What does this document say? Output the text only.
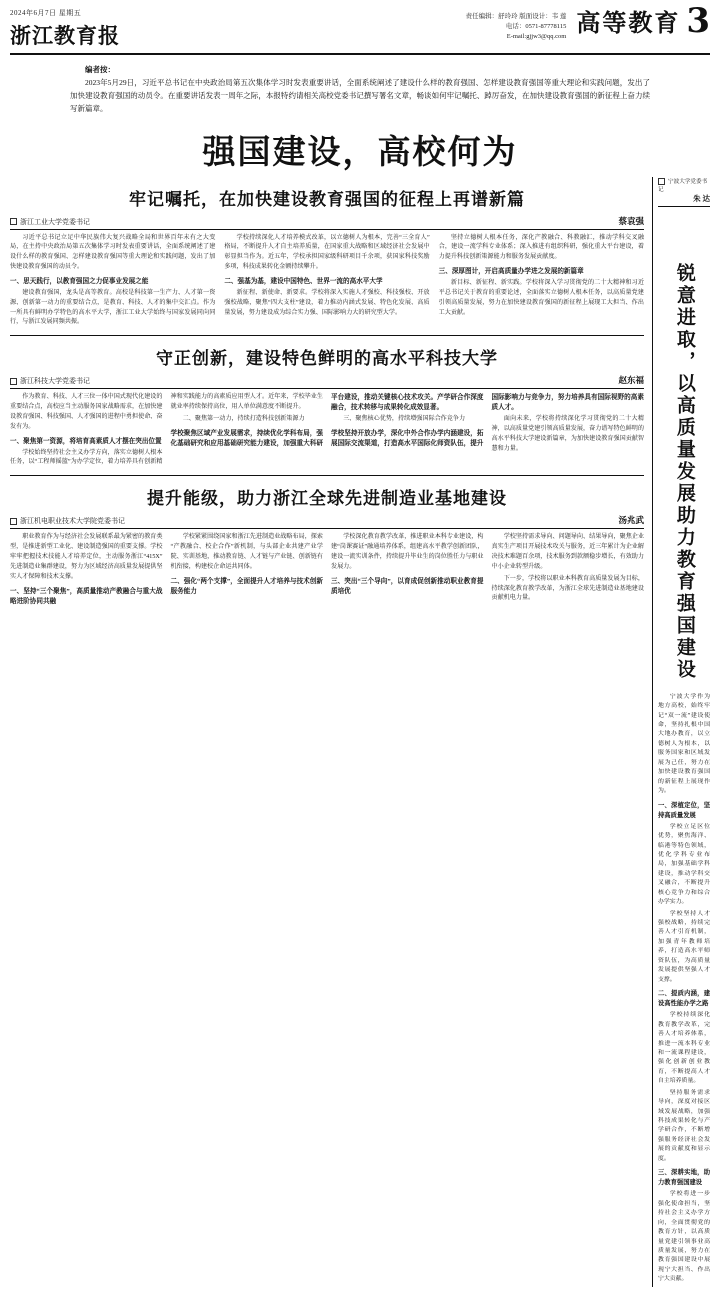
2024年6月7日 星期五
浙江教育报
责任编辑：舒玲玲 版面设计：韦 莲
电话：0571-87778115
E-mail:gjjw3@qq.com 高等教育 3

编者按：

2023年5月29日，习近平总书记在中央政治局第五次集体学习时发表重要讲话，全面系统阐述了建设什么样的教育强国、怎样建设教育强国等重大理论和实践问题，发出了加快建设教育强国的动员令。在重要讲话发表一周年之际，本报特约请相关高校党委书记撰写署名文章，畅谈如何牢记嘱托、踔厉奋发，在加快建设教育强国的新征程上奋力续写新篇章。

强国建设，高校何为
牢记嘱托，在加快建设教育强国的征程上再谱新篇
浙江工业大学党委书记	蔡袁强

习近平总书记立足中华民族伟大复兴战略全局和世界百年未有之大变局，在主持中央政治局第五次集体学习时发表重要讲话，全面系统阐述了建设什么样的教育强国、怎样建设教育强国等重大理论和实践问题，发出了加快建设教育强国的动员令。

一、思天践行，以教育强国之力促事业发展之能

建设教育强国，龙头是高等教育。高校是科技第一生产力、人才第一资源、创新第一动力的重要结合点，是教育、科技、人才的集中交汇点。作为一所具有鲜明办学特色的高水平大学，浙江工业大学始终与国家发展同向同行，与浙江发展同频共振。

学校持续深化人才培养模式改革，以立德树人为根本，完善“三全育人”格局，不断提升人才自主培养质量，在国家重大战略和区域经济社会发展中彰显担当作为。近五年，学校承担国家级科研项目千余项，获国家科技奖励多项，科技成果转化金额持续攀升。

二、强基为基，建设中国特色、世界一流的高水平大学

新征程、新使命、新要求。学校将深入实施人才强校、科技强校、开放强校战略，聚焦“四大支柱”建设，着力推动内涵式发展、特色化发展、高质量发展，努力建设成为综合实力强、国际影响力大的研究型大学。

坚持立德树人根本任务，深化产教融合、科教融汇，推动学科交叉融合，建设一流学科专业体系；深入推进有组织科研，强化重大平台建设，着力提升科技创新策源能力和服务发展贡献度。

三、深厚图计，开启高质量办学进之发展的新篇章

新目标、新征程、新实践。学校将深入学习贯彻党的二十大精神和习近平总书记关于教育的重要论述，全面落实立德树人根本任务，以高质量党建引领高质量发展，努力在加快建设教育强国的新征程上展现工大担当、作出工大贡献。

守正创新，建设特色鲜明的高水平科技大学
浙江科技大学党委书记	赵东福

作为教育、科技、人才三位一体中国式现代化建设的重要结合点，高校应当主动服务国家战略需求，在加快建设教育强国、科技强国、人才强国的进程中勇担使命、奋发有为。

一、聚焦第一资源，将培育高素质人才摆在突出位置

学校始终坚持社会主义办学方向，落实立德树人根本任务，以“工程师摇篮”为办学定位，着力培养具有创新精神和实践能力的高素质应用型人才。近年来，学校毕业生就业率持续保持高位，用人单位满意度不断提升。

二、聚焦第一动力，持续打造科技创新策源力

学校聚焦区域产业发展需求，持续优化学科布局，强化基础研究和应用基础研究能力建设，加强重大科研平台建设，推动关键核心技术攻关。产学研合作深度融合，技术转移与成果转化成效显著。

三、聚焦核心优势，持续增强国际合作竞争力

学校坚持开放办学，深化中外合作办学内涵建设，拓展国际交流渠道，打造高水平国际化师资队伍，提升国际影响力与竞争力，努力培养具有国际视野的高素质人才。

面向未来，学校将持续深化学习贯彻党的二十大精神，以高质量党建引领高质量发展，奋力谱写特色鲜明的高水平科技大学建设新篇章，为加快建设教育强国贡献智慧和力量。

提升能级，助力浙江全球先进制造业基地建设
浙江机电职业技术大学院党委书记	汤兆武

职业教育作为与经济社会发展联系最为紧密的教育类型，是推进新型工业化、建设制造强国的重要支撑。学校牢牢把握技术技能人才培养定位，主动服务浙江“415X”先进制造业集群建设，努力为区域经济高质量发展提供坚实人才保障和技术支撑。

一、坚持“三个聚焦”，高质量推动产教融合与重大战略进阶协同共融

学校紧紧围绕国家和浙江先进制造业战略布局，探索“产教融合、校企合作”新机制，与头部企业共建产业学院、实训基地，推动教育链、人才链与产业链、创新链有机衔接，构建校企命运共同体。

二、强化“两个支撑”，全面提升人才培养与技术创新服务能力

学校深化教育教学改革，推进职业本科专业建设，构建“岗课赛证”融通培养体系，组建高水平教学创新团队，建设一流实训条件，持续提升毕业生的岗位胜任力与职业发展力。

三、突出“三个导向”，以育成促创新推动职业教育提质培优

学校坚持需求导向、问题导向、结果导向，聚焦企业真实生产项目开展技术攻关与服务，近三年累计为企业解决技术难题百余项，技术服务到款额稳步增长，有效助力中小企业转型升级。

下一步，学校将以职业本科教育高质量发展为目标，持续深化教育教学改革，为浙江全球先进制造业基地建设贡献机电力量。

宁波大学党委书记
朱 达
锐意进取，以高质量发展助力教育强国建设

宁波大学作为地方高校，始终牢记“双一流”建设使命，坚持扎根中国大地办教育，以立德树人为根本，以服务国家和区域发展为己任，努力在加快建设教育强国的新征程上展现作为。

一、深植定位，坚持高质量发展

学校立足区位优势，聚焦海洋、临港等特色领域，优化学科专业布局，加强基础学科建设，推动学科交叉融合，不断提升核心竞争力和综合办学实力。

学校坚持人才强校战略，持续完善人才引育机制，加强青年教师培养，打造高水平师资队伍，为高质量发展提供坚强人才支撑。

二、提质内涵，建设高性能办学之路

学校持续深化教育教学改革，完善人才培养体系，推进一流本科专业和一流课程建设，强化创新创业教育，不断提高人才自主培养质量。

坚持服务需求导向，深度对接区域发展战略，加强科技成果转化与产学研合作，不断增强服务经济社会发展的贡献度和显示度。

三、深耕实地，助力教育强国建设

学校将进一步强化使命担当，坚持社会主义办学方向，全面贯彻党的教育方针，以高质量党建引领事业高质量发展，努力在教育强国建设中展现宁大担当、作出宁大贡献。
